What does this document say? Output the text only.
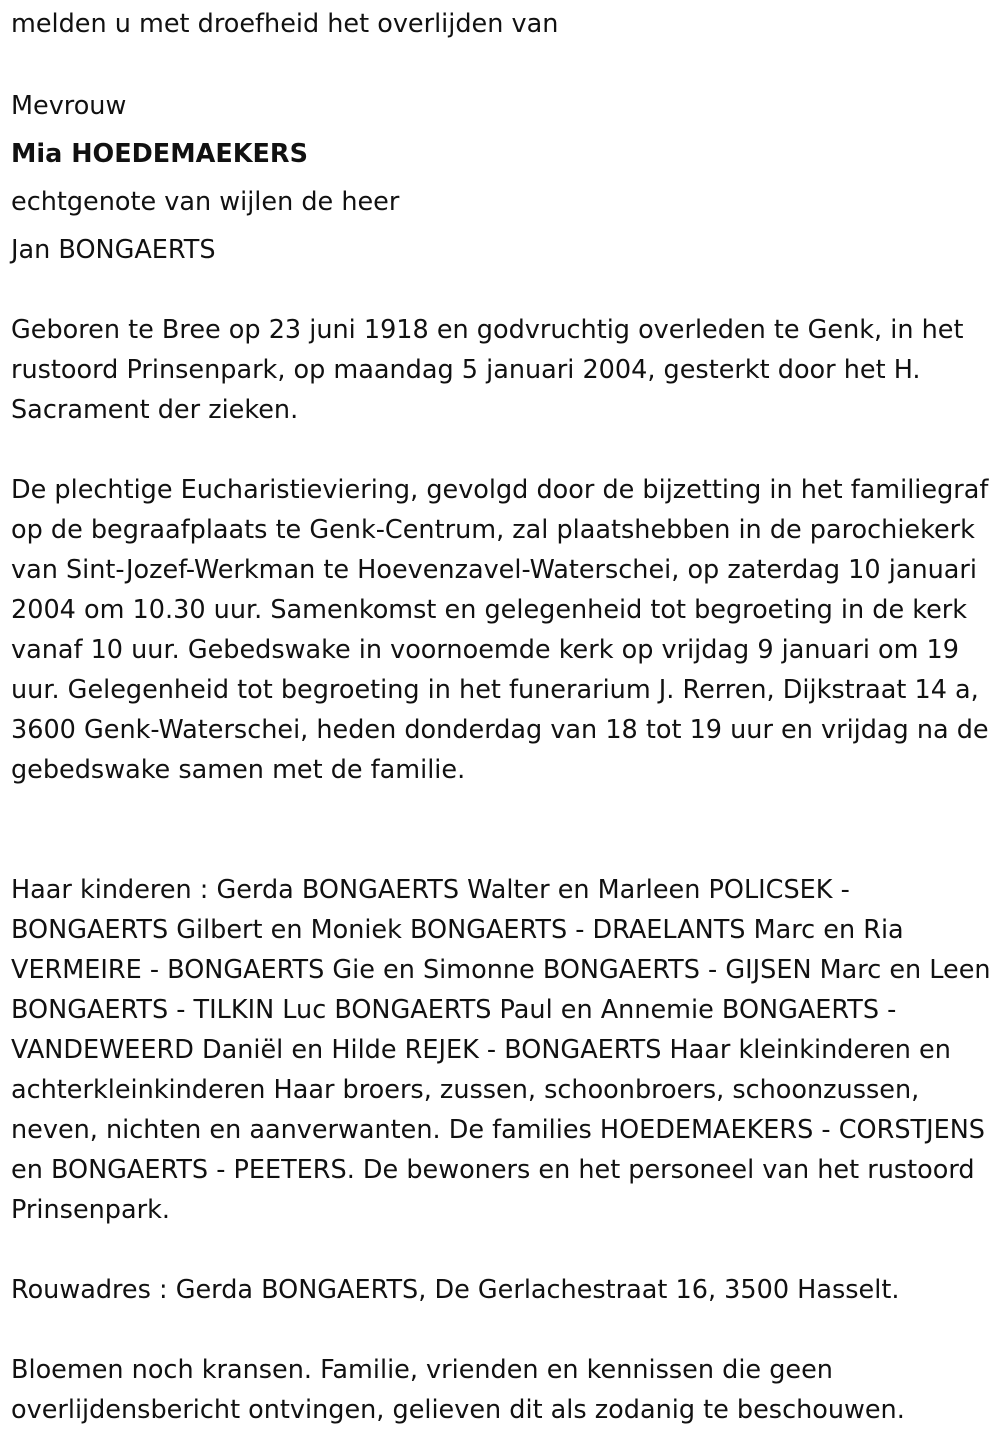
melden u met droefheid het overlijden van

Mevrouw

Mia HOEDEMAEKERS

echtgenote van wijlen de heer

Jan BONGAERTS

Geboren te Bree op 23 juni 1918 en godvruchtig overleden te Genk, in het rustoord Prinsenpark, op maandag 5 januari 2004, gesterkt door het H. Sacrament der zieken.

De plechtige Eucharistieviering, gevolgd door de bijzetting in het familiegraf op de begraafplaats te Genk-Centrum, zal plaatshebben in de parochiekerk van Sint-Jozef-Werkman te Hoevenzavel-Waterschei, op zaterdag 10 januari 2004 om 10.30 uur. Samenkomst en gelegenheid tot begroeting in de kerk vanaf 10 uur. Gebedswake in voornoemde kerk op vrijdag 9 januari om 19 uur. Gelegenheid tot begroeting in het funerarium J. Rerren, Dijkstraat 14 a, 3600 Genk-Waterschei, heden donderdag van 18 tot 19 uur en vrijdag na de gebedswake samen met de familie.

Haar kinderen : Gerda BONGAERTS Walter en Marleen POLICSEK - BONGAERTS Gilbert en Moniek BONGAERTS - DRAELANTS Marc en Ria VERMEIRE - BONGAERTS Gie en Simonne BONGAERTS - GIJSEN Marc en Leen BONGAERTS - TILKIN Luc BONGAERTS Paul en Annemie BONGAERTS - VANDEWEERD Daniël en Hilde REJEK - BONGAERTS Haar kleinkinderen en achterkleinkinderen Haar broers, zussen, schoonbroers, schoonzussen, neven, nichten en aanverwanten. De families HOEDEMAEKERS - CORSTJENS en BONGAERTS - PEETERS. De bewoners en het personeel van het rustoord Prinsenpark.

Rouwadres : Gerda BONGAERTS, De Gerlachestraat 16, 3500 Hasselt.

Bloemen noch kransen. Familie, vrienden en kennissen die geen overlijdensbericht ontvingen, gelieven dit als zodanig te beschouwen.
